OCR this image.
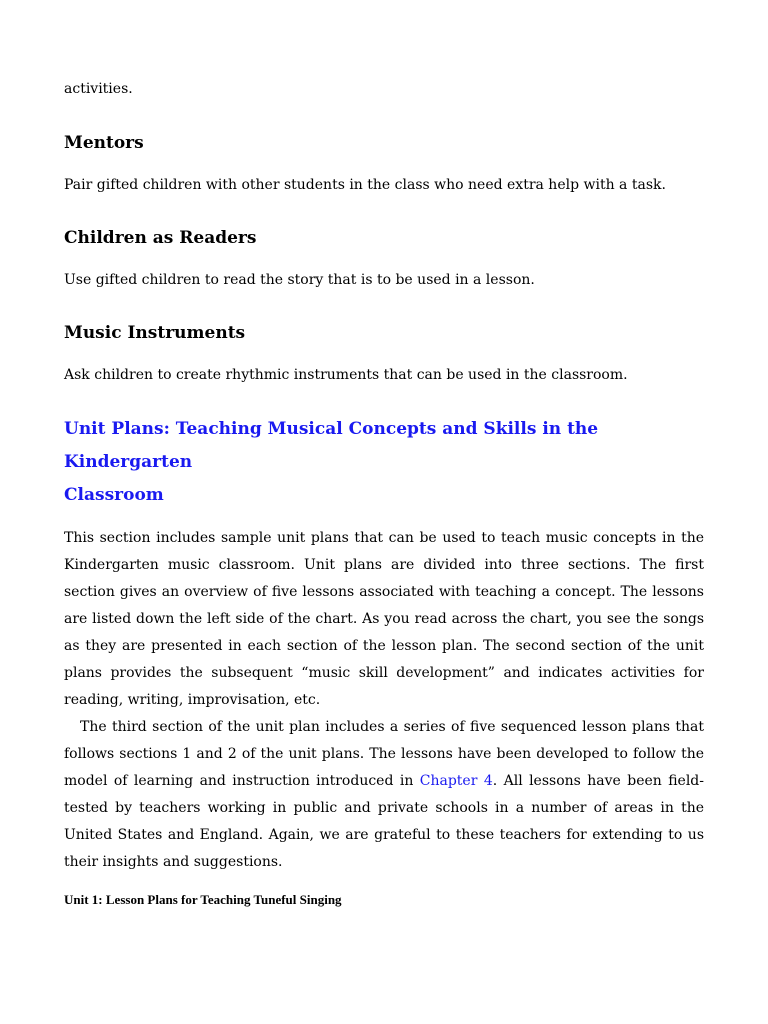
activities.

Mentors

Pair gifted children with other students in the class who need extra help with a task.

Children as Readers

Use gifted children to read the story that is to be used in a lesson.

Music Instruments

Ask children to create rhythmic instruments that can be used in the classroom.

Unit Plans: Teaching Musical Concepts and Skills in the Kindergarten
Classroom

This section includes sample unit plans that can be used to teach music concepts in the Kindergarten music classroom. Unit plans are divided into three sections. The first section gives an overview of five lessons associated with teaching a concept. The lessons are listed down the left side of the chart. As you read across the chart, you see the songs as they are presented in each section of the lesson plan. The second section of the unit plans provides the subsequent “music skill development” and indicates activities for reading, writing, improvisation, etc.

The third section of the unit plan includes a series of five sequenced lesson plans that follows sections 1 and 2 of the unit plans. The lessons have been developed to follow the model of learning and instruction introduced in Chapter 4. All lessons have been field-tested by teachers working in public and private schools in a number of areas in the United States and England. Again, we are grateful to these teachers for extending to us their insights and suggestions.

Unit 1: Lesson Plans for Teaching Tuneful Singing
